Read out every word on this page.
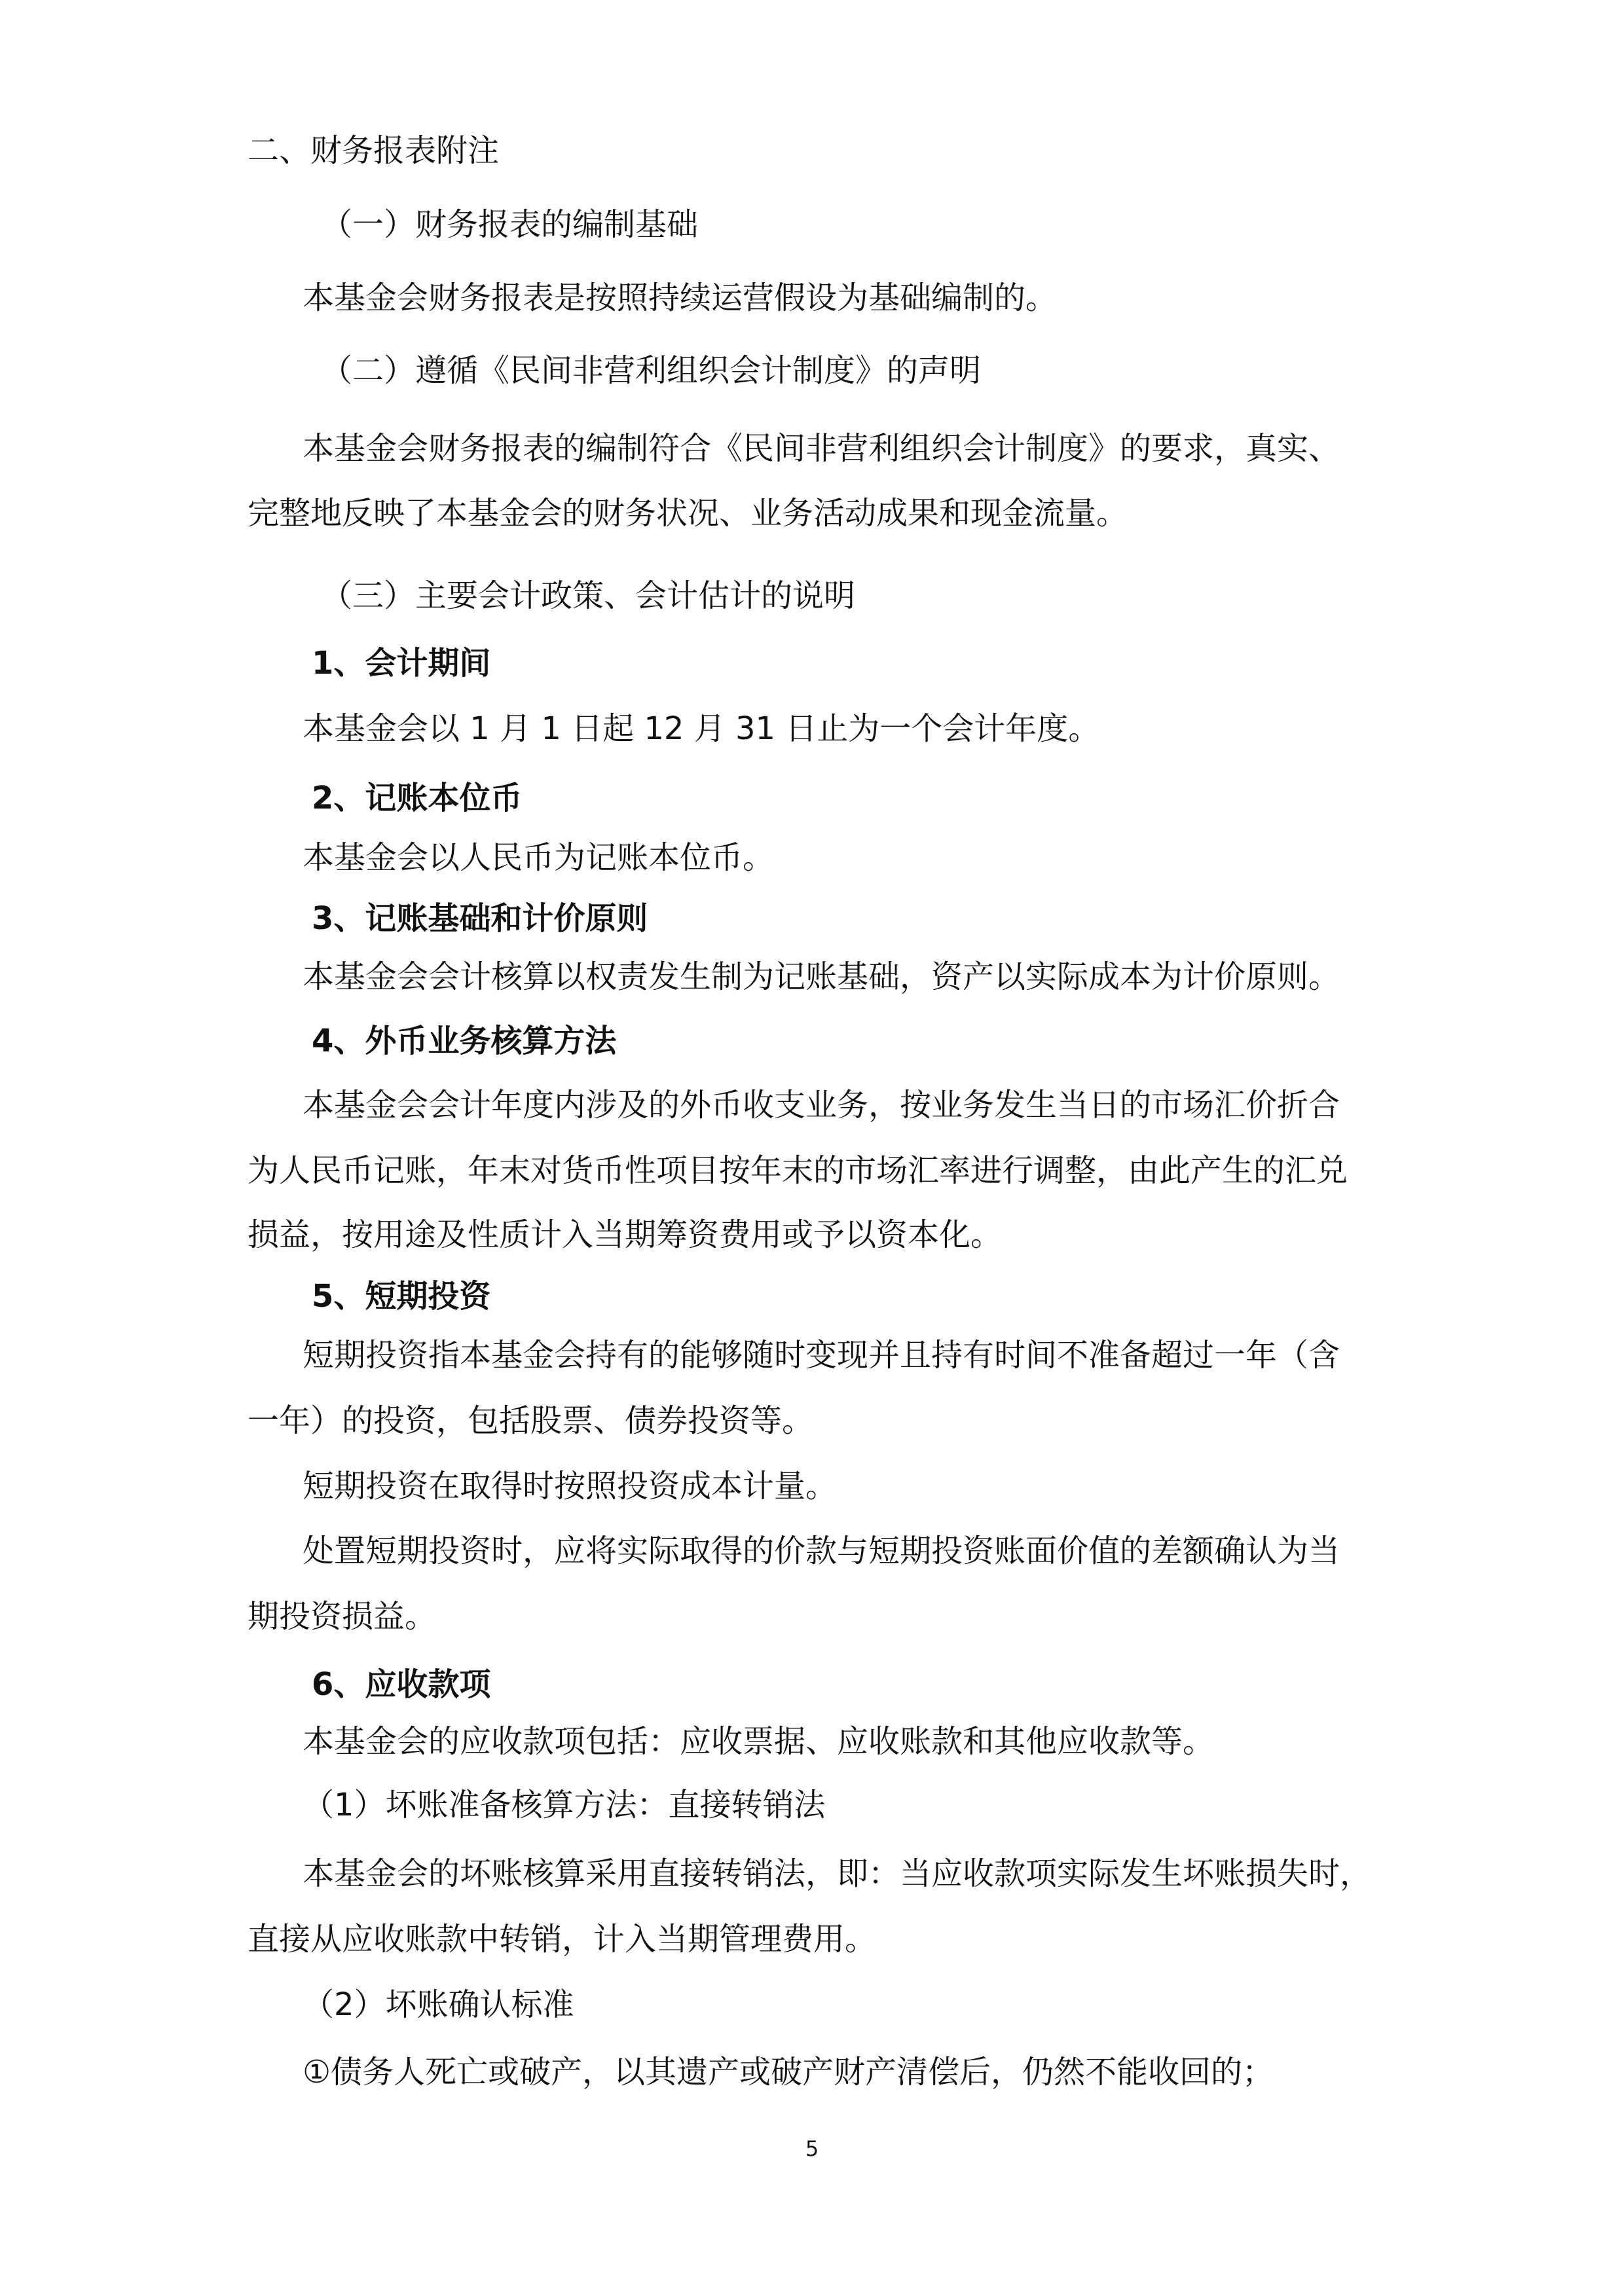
二、财务报表附注
（一）财务报表的编制基础
本基金会财务报表是按照持续运营假设为基础编制的。
（二）遵循《民间非营利组织会计制度》的声明
本基金会财务报表的编制符合《民间非营利组织会计制度》的要求，真实、
完整地反映了本基金会的财务状况、业务活动成果和现金流量。
（三）主要会计政策、会计估计的说明
1、会计期间
本基金会以 1 月 1 日起 12 月 31 日止为一个会计年度。
2、记账本位币
本基金会以人民币为记账本位币。
3、记账基础和计价原则
本基金会会计核算以权责发生制为记账基础，资产以实际成本为计价原则。
4、外币业务核算方法
本基金会会计年度内涉及的外币收支业务，按业务发生当日的市场汇价折合
为人民币记账，年末对货币性项目按年末的市场汇率进行调整，由此产生的汇兑
损益，按用途及性质计入当期筹资费用或予以资本化。
5、短期投资
短期投资指本基金会持有的能够随时变现并且持有时间不准备超过一年（含
一年）的投资，包括股票、债券投资等。
短期投资在取得时按照投资成本计量。
处置短期投资时，应将实际取得的价款与短期投资账面价值的差额确认为当
期投资损益。
6、应收款项
本基金会的应收款项包括：应收票据、应收账款和其他应收款等。
（1）坏账准备核算方法：直接转销法
本基金会的坏账核算采用直接转销法，即：当应收款项实际发生坏账损失时，
直接从应收账款中转销，计入当期管理费用。
（2）坏账确认标准
①债务人死亡或破产，以其遗产或破产财产清偿后，仍然不能收回的；
5
